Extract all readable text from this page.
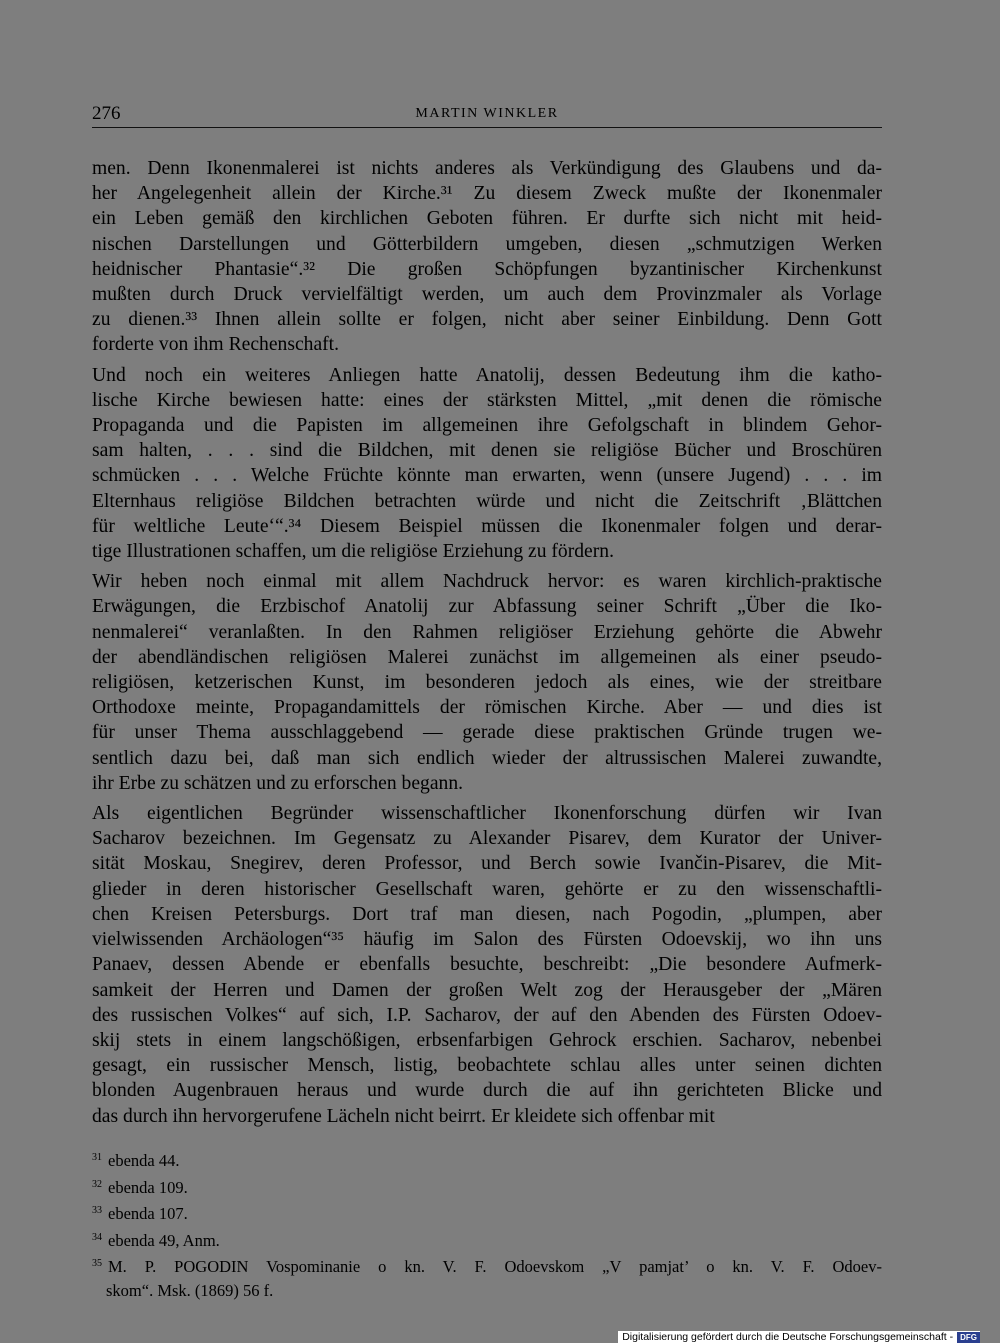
276	MARTIN WINKLER
men. Denn Ikonenmalerei ist nichts anderes als Verkündigung des Glaubens und da-
her Angelegenheit allein der Kirche.³¹ Zu diesem Zweck mußte der Ikonenmaler
ein Leben gemäß den kirchlichen Geboten führen. Er durfte sich nicht mit heid-
nischen Darstellungen und Götterbildern umgeben, diesen „schmutzigen Werken
heidnischer Phantasie“.³² Die großen Schöpfungen byzantinischer Kirchenkunst
mußten durch Druck vervielfältigt werden, um auch dem Provinzmaler als Vorlage
zu dienen.³³ Ihnen allein sollte er folgen, nicht aber seiner Einbildung. Denn Gott
forderte von ihm Rechenschaft.
Und noch ein weiteres Anliegen hatte Anatolij, dessen Bedeutung ihm die katho-
lische Kirche bewiesen hatte: eines der stärksten Mittel, „mit denen die römische
Propaganda und die Papisten im allgemeinen ihre Gefolgschaft in blindem Gehor-
sam halten, . . . sind die Bildchen, mit denen sie religiöse Bücher und Broschüren
schmücken . . . Welche Früchte könnte man erwarten, wenn (unsere Jugend) . . . im
Elternhaus religiöse Bildchen betrachten würde und nicht die Zeitschrift ‚Blättchen
für weltliche Leute‘“.³⁴ Diesem Beispiel müssen die Ikonenmaler folgen und derar-
tige Illustrationen schaffen, um die religiöse Erziehung zu fördern.
Wir heben noch einmal mit allem Nachdruck hervor: es waren kirchlich-praktische
Erwägungen, die Erzbischof Anatolij zur Abfassung seiner Schrift „Über die Iko-
nenmalerei“ veranlaßten. In den Rahmen religiöser Erziehung gehörte die Abwehr
der abendländischen religiösen Malerei zunächst im allgemeinen als einer pseudo-
religiösen, ketzerischen Kunst, im besonderen jedoch als eines, wie der streitbare
Orthodoxe meinte, Propagandamittels der römischen Kirche. Aber — und dies ist
für unser Thema ausschlaggebend — gerade diese praktischen Gründe trugen we-
sentlich dazu bei, daß man sich endlich wieder der altrussischen Malerei zuwandte,
ihr Erbe zu schätzen und zu erforschen begann.
Als eigentlichen Begründer wissenschaftlicher Ikonenforschung dürfen wir Ivan
Sacharov bezeichnen. Im Gegensatz zu Alexander Pisarev, dem Kurator der Univer-
sität Moskau, Snegirev, deren Professor, und Berch sowie Ivančin-Pisarev, die Mit-
glieder in deren historischer Gesellschaft waren, gehörte er zu den wissenschaftli-
chen Kreisen Petersburgs. Dort traf man diesen, nach Pogodin, „plumpen, aber
vielwissenden Archäologen“³⁵ häufig im Salon des Fürsten Odoevskij, wo ihn uns
Panaev, dessen Abende er ebenfalls besuchte, beschreibt: „Die besondere Aufmerk-
samkeit der Herren und Damen der großen Welt zog der Herausgeber der „Mären
des russischen Volkes“ auf sich, I.P. Sacharov, der auf den Abenden des Fürsten Odoev-
skij stets in einem langschößigen, erbsenfarbigen Gehrock erschien. Sacharov, nebenbei
gesagt, ein russischer Mensch, listig, beobachtete schlau alles unter seinen dichten
blonden Augenbrauen heraus und wurde durch die auf ihn gerichteten Blicke und
das durch ihn hervorgerufene Lächeln nicht beirrt. Er kleidete sich offenbar mit
$^{31}$ ebenda 44.
$^{32}$ ebenda 109.
$^{33}$ ebenda 107.
$^{34}$ ebenda 49, Anm.
$^{35}$ M. P. POGODIN Vospominanie o kn. V. F. Odoevskom „V pamjat’ o kn. V. F. Odoev-
skom“. Msk. (1869) 56 f.
Digitalisierung gefördert durch die Deutsche Forschungsgemeinschaft - DFG
